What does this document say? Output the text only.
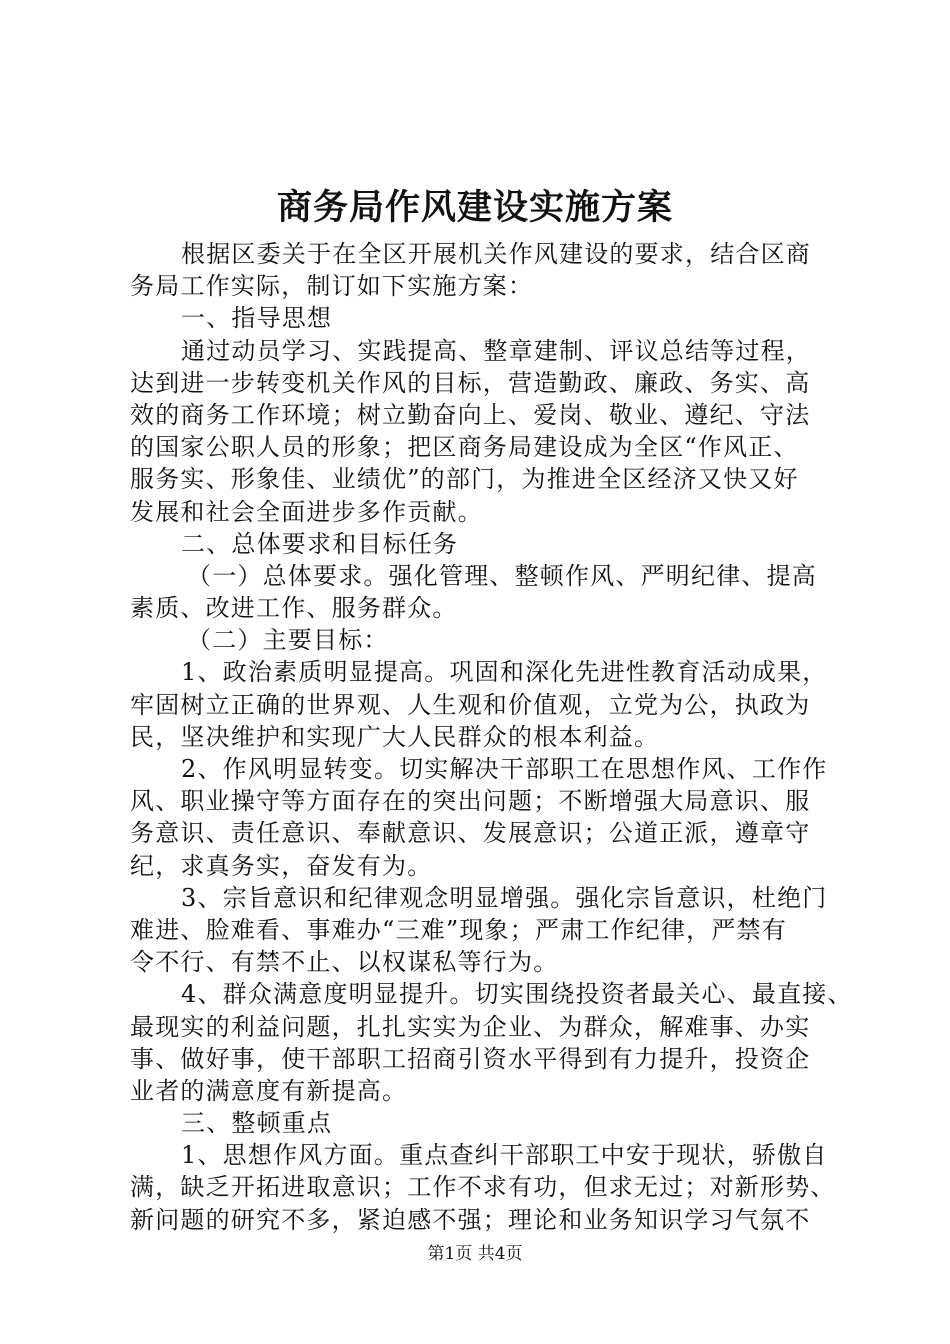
商务局作风建设实施方案
根据区委关于在全区开展机关作风建设的要求，结合区商
务局工作实际，制订如下实施方案：
一、指导思想
通过动员学习、实践提高、整章建制、评议总结等过程，
达到进一步转变机关作风的目标，营造勤政、廉政、务实、高
效的商务工作环境；树立勤奋向上、爱岗、敬业、遵纪、守法
的国家公职人员的形象；把区商务局建设成为全区“作风正、
服务实、形象佳、业绩优”的部门，为推进全区经济又快又好
发展和社会全面进步多作贡献。
二、总体要求和目标任务
（一）总体要求。强化管理、整顿作风、严明纪律、提高
素质、改进工作、服务群众。
（二）主要目标：
1、政治素质明显提高。巩固和深化先进性教育活动成果，
牢固树立正确的世界观、人生观和价值观，立党为公，执政为
民，坚决维护和实现广大人民群众的根本利益。
2、作风明显转变。切实解决干部职工在思想作风、工作作
风、职业操守等方面存在的突出问题；不断增强大局意识、服
务意识、责任意识、奉献意识、发展意识；公道正派，遵章守
纪，求真务实，奋发有为。
3、宗旨意识和纪律观念明显增强。强化宗旨意识，杜绝门
难进、脸难看、事难办“三难”现象；严肃工作纪律，严禁有
令不行、有禁不止、以权谋私等行为。
4、群众满意度明显提升。切实围绕投资者最关心、最直接、
最现实的利益问题，扎扎实实为企业、为群众，解难事、办实
事、做好事，使干部职工招商引资水平得到有力提升，投资企
业者的满意度有新提高。
三、整顿重点
1、思想作风方面。重点查纠干部职工中安于现状，骄傲自
满，缺乏开拓进取意识；工作不求有功，但求无过；对新形势、
新问题的研究不多，紧迫感不强；理论和业务知识学习气氛不
第1页 共4页
